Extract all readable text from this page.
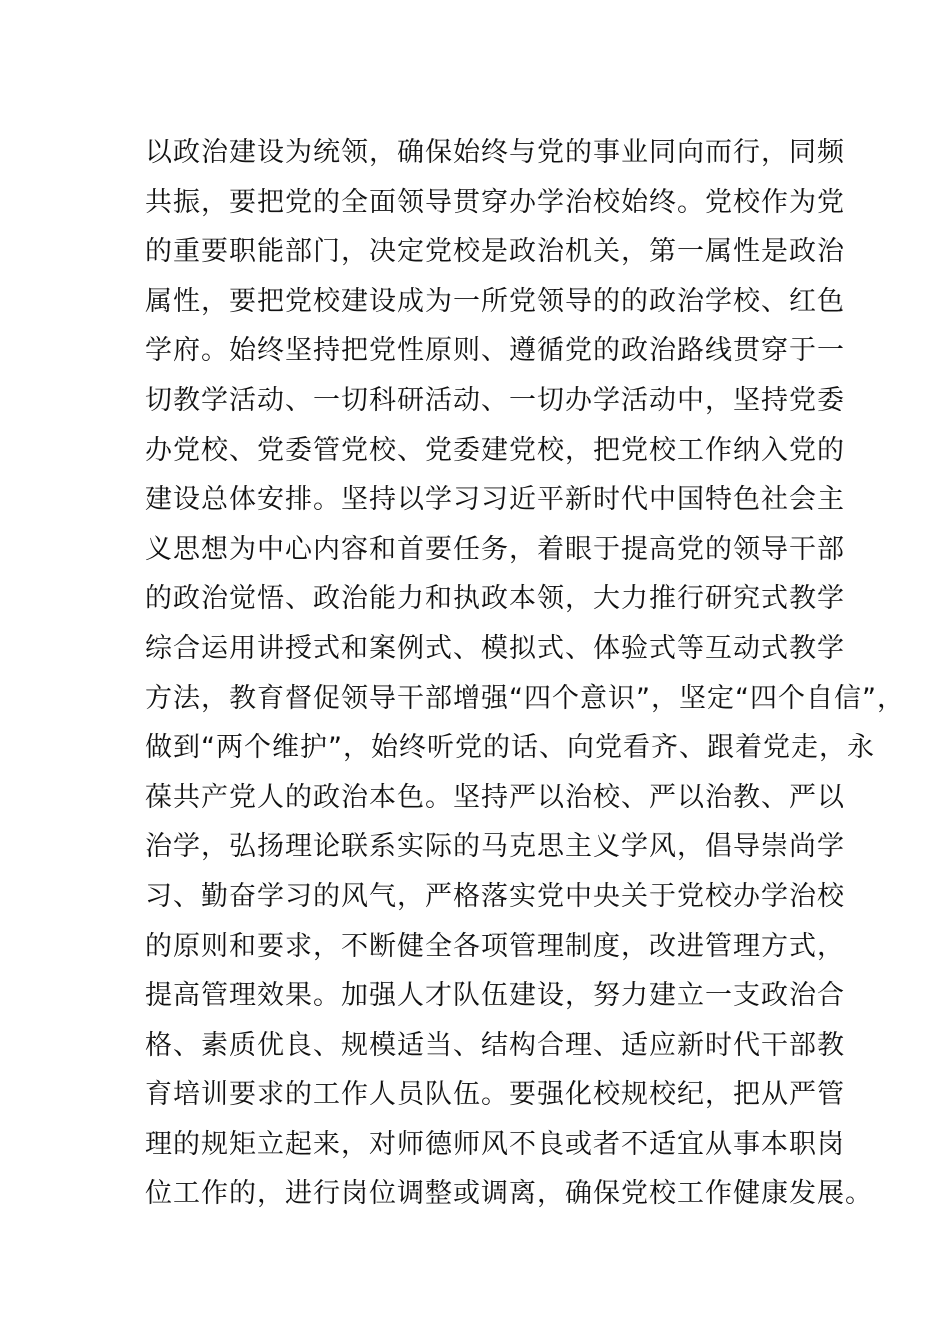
以政治建设为统领，确保始终与党的事业同向而行，同频
共振，要把党的全面领导贯穿办学治校始终。党校作为党
的重要职能部门，决定党校是政治机关，第一属性是政治
属性，要把党校建设成为一所党领导的的政治学校、红色
学府。始终坚持把党性原则、遵循党的政治路线贯穿于一
切教学活动、一切科研活动、一切办学活动中，坚持党委
办党校、党委管党校、党委建党校，把党校工作纳入党的
建设总体安排。坚持以学习习近平新时代中国特色社会主
义思想为中心内容和首要任务，着眼于提高党的领导干部
的政治觉悟、政治能力和执政本领，大力推行研究式教学
综合运用讲授式和案例式、模拟式、体验式等互动式教学
方法，教育督促领导干部增强“四个意识”，坚定“四个自信”，
做到“两个维护”，始终听党的话、向党看齐、跟着党走，永
葆共产党人的政治本色。坚持严以治校、严以治教、严以
治学，弘扬理论联系实际的马克思主义学风，倡导崇尚学
习、勤奋学习的风气，严格落实党中央关于党校办学治校
的原则和要求，不断健全各项管理制度，改进管理方式，
提高管理效果。加强人才队伍建设，努力建立一支政治合
格、素质优良、规模适当、结构合理、适应新时代干部教
育培训要求的工作人员队伍。要强化校规校纪，把从严管
理的规矩立起来，对师德师风不良或者不适宜从事本职岗
位工作的，进行岗位调整或调离，确保党校工作健康发展。
